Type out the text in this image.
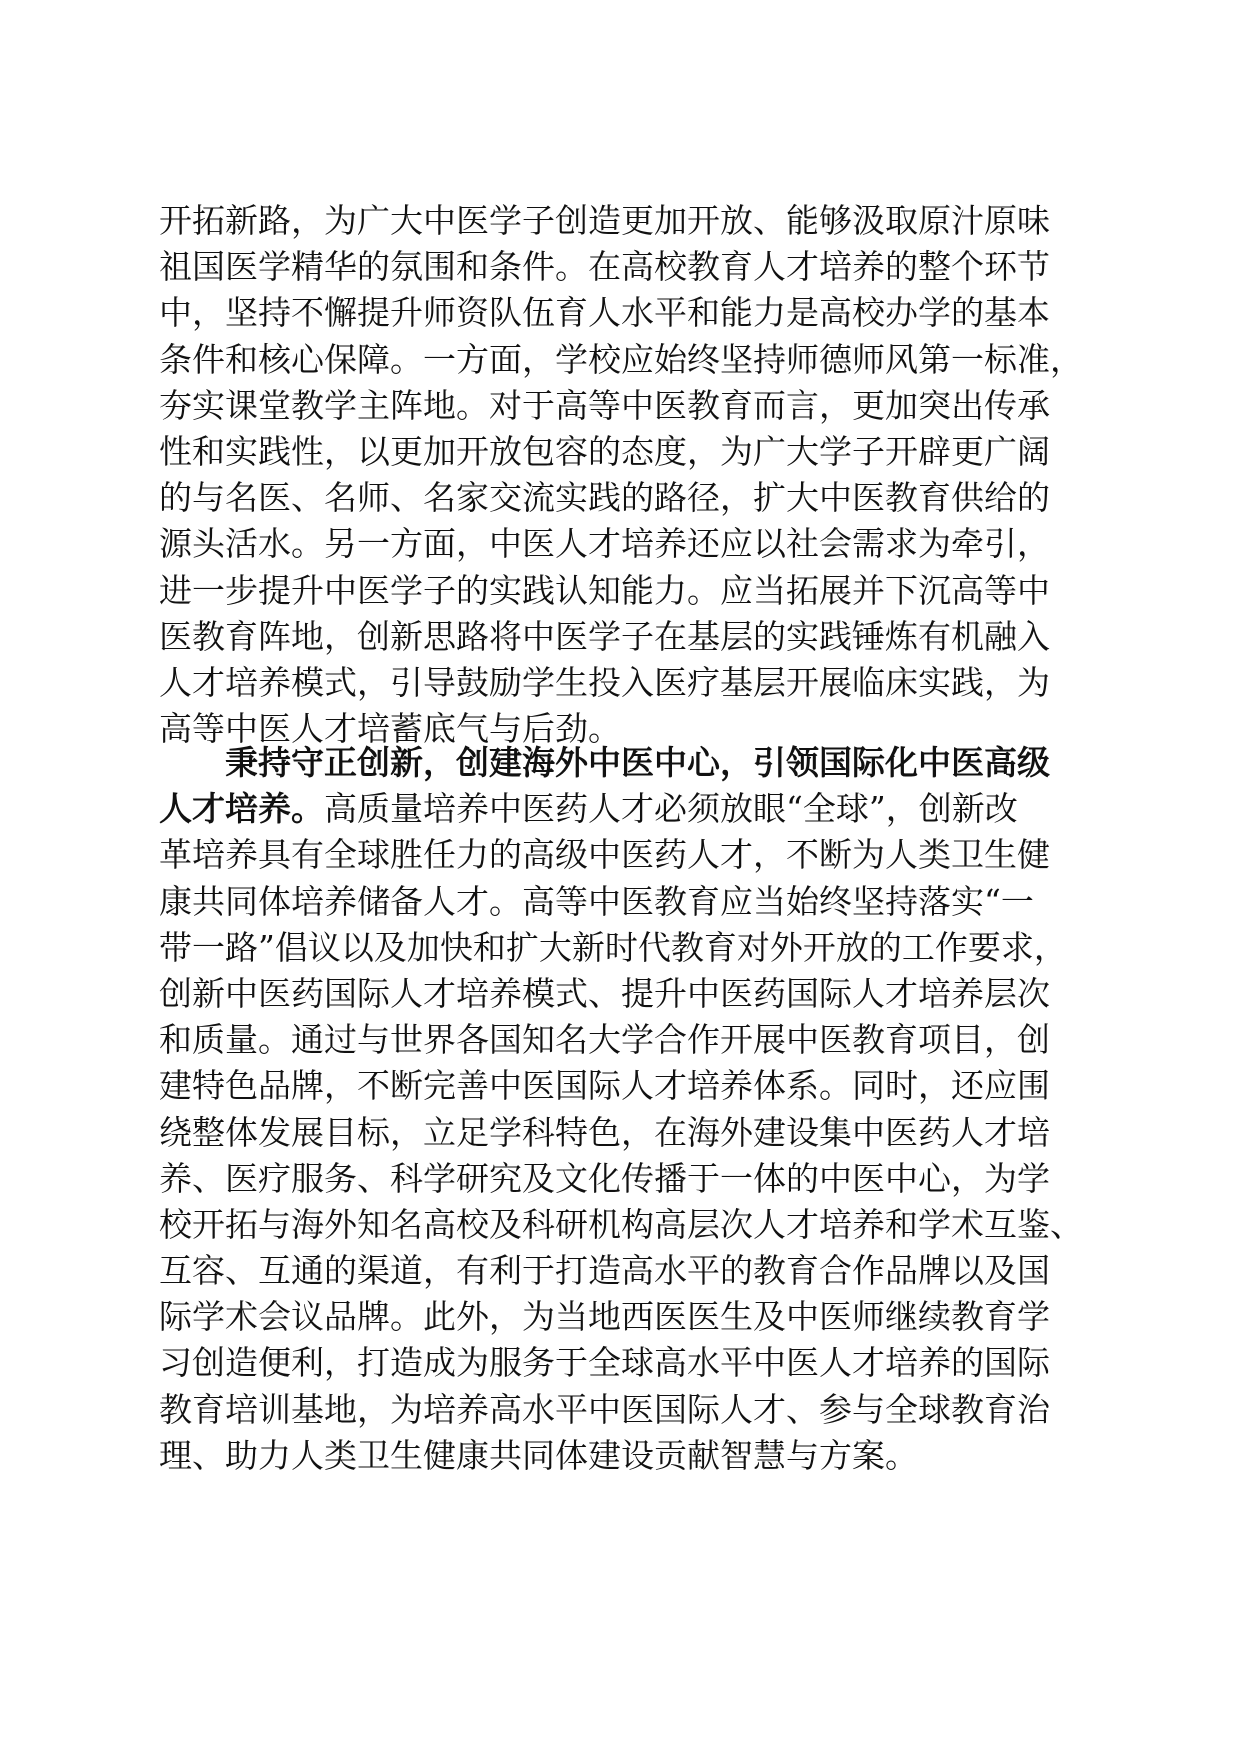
开拓新路，为广大中医学子创造更加开放、能够汲取原汁原味
祖国医学精华的氛围和条件。在高校教育人才培养的整个环节
中，坚持不懈提升师资队伍育人水平和能力是高校办学的基本
条件和核心保障。一方面，学校应始终坚持师德师风第一标准，
夯实课堂教学主阵地。对于高等中医教育而言，更加突出传承
性和实践性，以更加开放包容的态度，为广大学子开辟更广阔
的与名医、名师、名家交流实践的路径，扩大中医教育供给的
源头活水。另一方面，中医人才培养还应以社会需求为牵引，
进一步提升中医学子的实践认知能力。应当拓展并下沉高等中
医教育阵地，创新思路将中医学子在基层的实践锤炼有机融入
人才培养模式，引导鼓励学生投入医疗基层开展临床实践，为
高等中医人才培蓄底气与后劲。
秉持守正创新，创建海外中医中心，引领国际化中医高级
人才培养。高质量培养中医药人才必须放眼“全球”，创新改
革培养具有全球胜任力的高级中医药人才，不断为人类卫生健
康共同体培养储备人才。高等中医教育应当始终坚持落实“一
带一路”倡议以及加快和扩大新时代教育对外开放的工作要求，
创新中医药国际人才培养模式、提升中医药国际人才培养层次
和质量。通过与世界各国知名大学合作开展中医教育项目，创
建特色品牌，不断完善中医国际人才培养体系。同时，还应围
绕整体发展目标，立足学科特色，在海外建设集中医药人才培
养、医疗服务、科学研究及文化传播于一体的中医中心，为学
校开拓与海外知名高校及科研机构高层次人才培养和学术互鉴、
互容、互通的渠道，有利于打造高水平的教育合作品牌以及国
际学术会议品牌。此外，为当地西医医生及中医师继续教育学
习创造便利，打造成为服务于全球高水平中医人才培养的国际
教育培训基地，为培养高水平中医国际人才、参与全球教育治
理、助力人类卫生健康共同体建设贡献智慧与方案。
